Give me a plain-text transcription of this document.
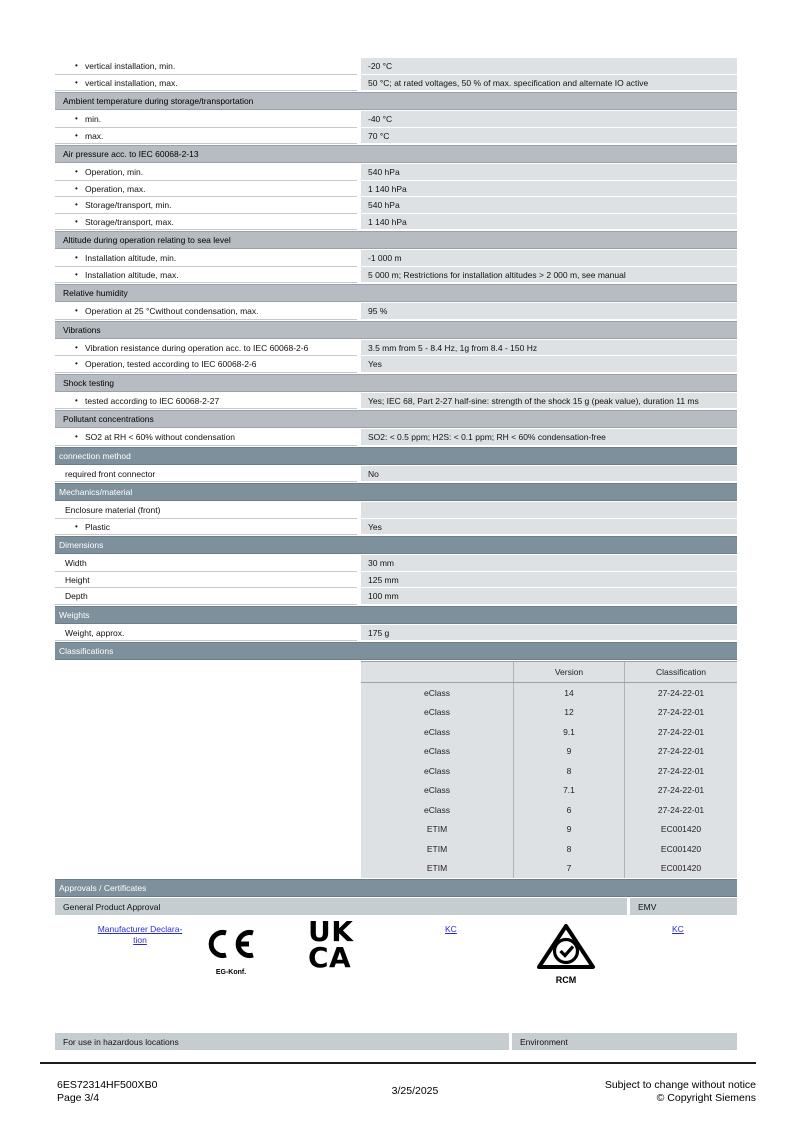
• vertical installation, min.	-20 °C
• vertical installation, max.	50 °C; at rated voltages, 50 % of max. specification and alternate IO active
Ambient temperature during storage/transportation
• min.	-40 °C
• max.	70 °C
Air pressure acc. to IEC 60068-2-13
• Operation, min.	540 hPa
• Operation, max.	1 140 hPa
• Storage/transport, min.	540 hPa
• Storage/transport, max.	1 140 hPa
Altitude during operation relating to sea level
• Installation altitude, min.	-1 000 m
• Installation altitude, max.	5 000 m; Restrictions for installation altitudes > 2 000 m, see manual
Relative humidity
• Operation at 25 °Cwithout condensation, max.	95 %
Vibrations
• Vibration resistance during operation acc. to IEC 60068-2-6	3.5 mm from 5 - 8.4 Hz, 1g from 8.4 - 150 Hz
• Operation, tested according to IEC 60068-2-6	Yes
Shock testing
• tested according to IEC 60068-2-27	Yes; IEC 68, Part 2-27 half-sine: strength of the shock 15 g (peak value), duration 11 ms
Pollutant concentrations
• SO2 at RH < 60% without condensation	SO2: < 0.5 ppm; H2S: < 0.1 ppm; RH < 60% condensation-free
connection method
required front connector	No
Mechanics/material
Enclosure material (front)
• Plastic	Yes
Dimensions
Width	30 mm
Height	125 mm
Depth	100 mm
Weights
Weight, approx.	175 g
Classifications
Version	Classification
eClass	14	27-24-22-01
eClass	12	27-24-22-01
eClass	9.1	27-24-22-01
eClass	9	27-24-22-01
eClass	8	27-24-22-01
eClass	7.1	27-24-22-01
eClass	6	27-24-22-01
ETIM	9	EC001420
ETIM	8	EC001420
ETIM	7	EC001420
Approvals / Certificates
General Product Approval	EMV
Manufacturer Declara-
tion
EG-Konf.
UK
CA
KC
RCM
KC
For use in hazardous locations	Environment
6ES72314HF500XB0
Page 3/4
3/25/2025	Subject to change without notice
© Copyright Siemens
